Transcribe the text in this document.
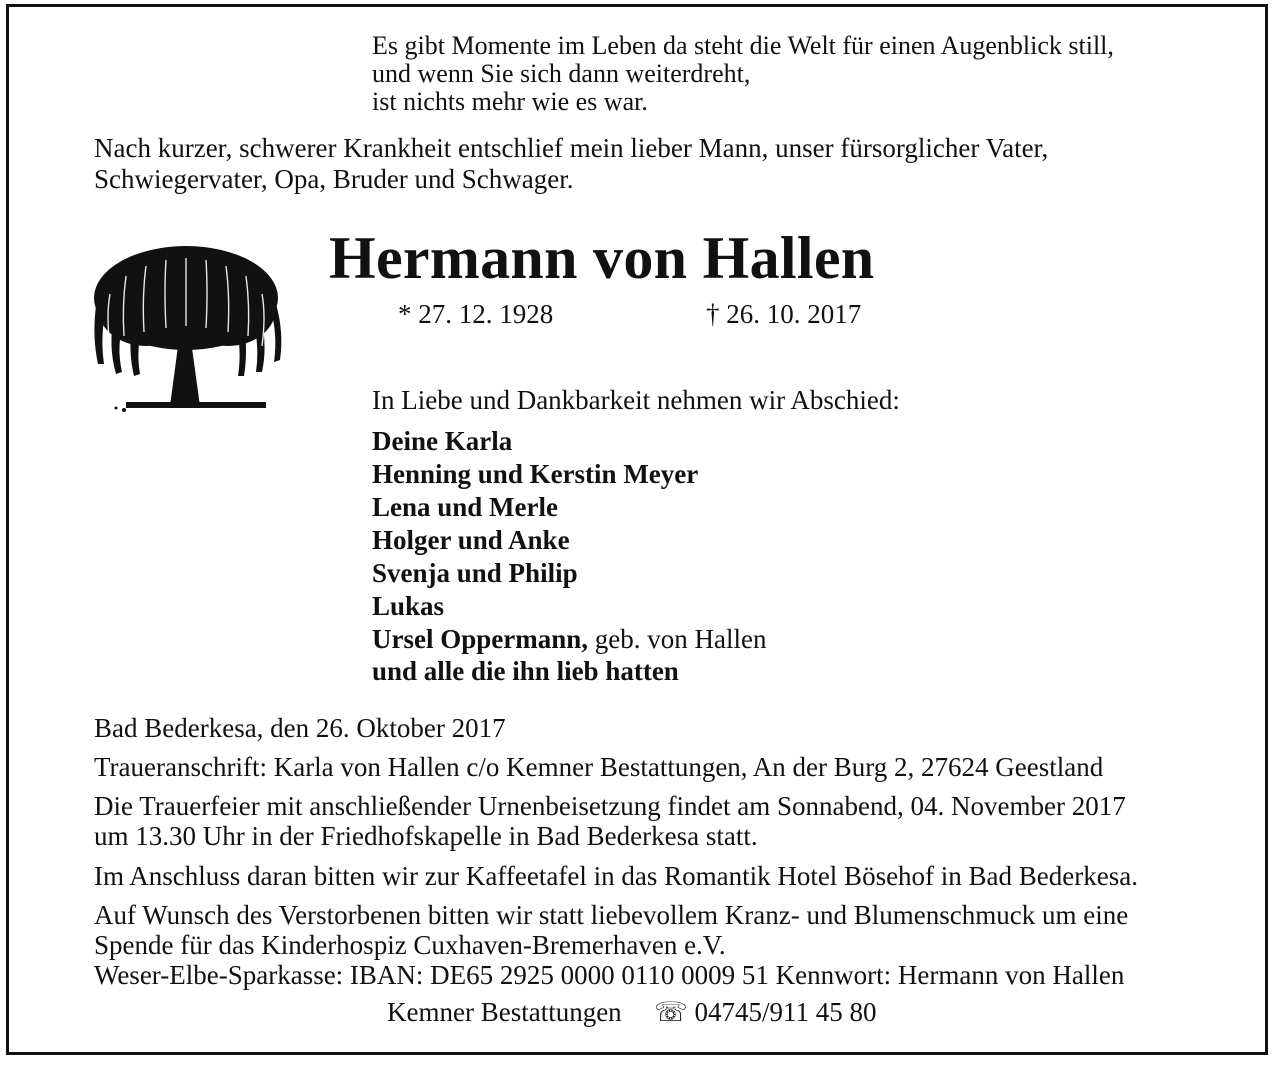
Es gibt Momente im Leben da steht die Welt für einen Augenblick still,
und wenn Sie sich dann weiterdreht,
ist nichts mehr wie es war.
Nach kurzer, schwerer Krankheit entschlief mein lieber Mann, unser fürsorglicher Vater,
Schwiegervater, Opa, Bruder und Schwager.
Hermann von Hallen
* 27. 12. 1928	† 26. 10. 2017
In Liebe und Dankbarkeit nehmen wir Abschied:
Deine Karla
Henning und Kerstin Meyer
Lena und Merle
Holger und Anke
Svenja und Philip
Lukas
Ursel Oppermann, geb. von Hallen
und alle die ihn lieb hatten
Bad Bederkesa, den 26. Oktober 2017
Traueranschrift: Karla von Hallen c/o Kemner Bestattungen, An der Burg 2, 27624 Geestland
Die Trauerfeier mit anschließender Urnenbeisetzung findet am Sonnabend, 04. November 2017
um 13.30 Uhr in der Friedhofskapelle in Bad Bederkesa statt.
Im Anschluss daran bitten wir zur Kaffeetafel in das Romantik Hotel Bösehof in Bad Bederkesa.
Auf Wunsch des Verstorbenen bitten wir statt liebevollem Kranz- und Blumenschmuck um eine
Spende für das Kinderhospiz Cuxhaven-Bremerhaven e.V.
Weser-Elbe-Sparkasse: IBAN: DE65 2925 0000 0110 0009 51 Kennwort: Hermann von Hallen
Kemner Bestattungen ☏ 04745/911 45 80
